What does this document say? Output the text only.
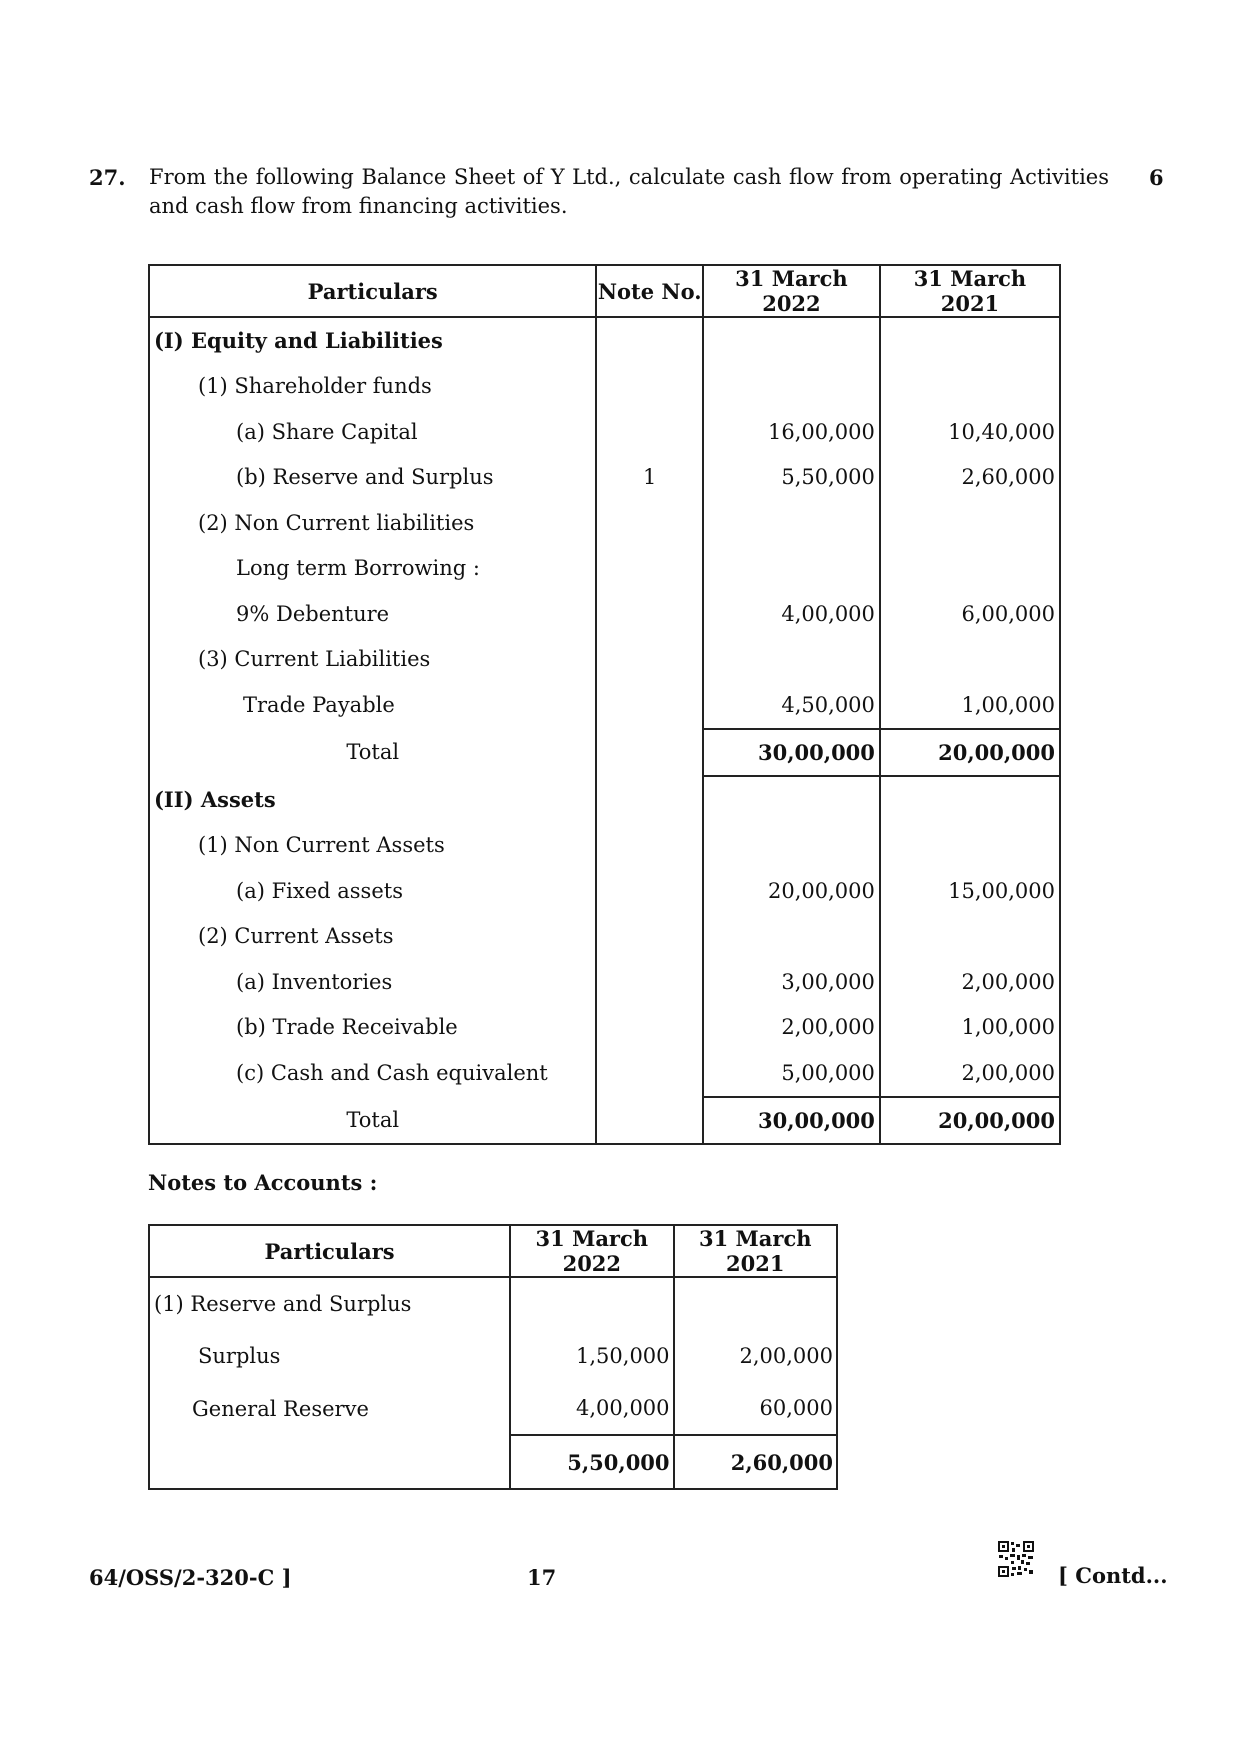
27. From the following Balance Sheet of Y Ltd., calculate cash flow from operating Activities and cash flow from financing activities.
6
Particulars	Note No.	31 March 2022	31 March 2021
(I) Equity and Liabilities			
(1) Shareholder funds			
(a) Share Capital		16,00,000	10,40,000
(b) Reserve and Surplus	1	5,50,000	2,60,000
(2) Non Current liabilities			
Long term Borrowing :			
9% Debenture		4,00,000	6,00,000
(3) Current Liabilities			
Trade Payable		4,50,000	1,00,000
Total		30,00,000	20,00,000
(II) Assets			
(1) Non Current Assets			
(a) Fixed assets		20,00,000	15,00,000
(2) Current Assets			
(a) Inventories		3,00,000	2,00,000
(b) Trade Receivable		2,00,000	1,00,000
(c) Cash and Cash equivalent		5,00,000	2,00,000
Total		30,00,000	20,00,000
Notes to Accounts :
Particulars	31 March 2022	31 March 2021
(1) Reserve and Surplus		
Surplus	1,50,000	2,00,000
General Reserve	4,00,000	60,000
	5,50,000	2,60,000
64/OSS/2-320-C ]	17	[ Contd...
